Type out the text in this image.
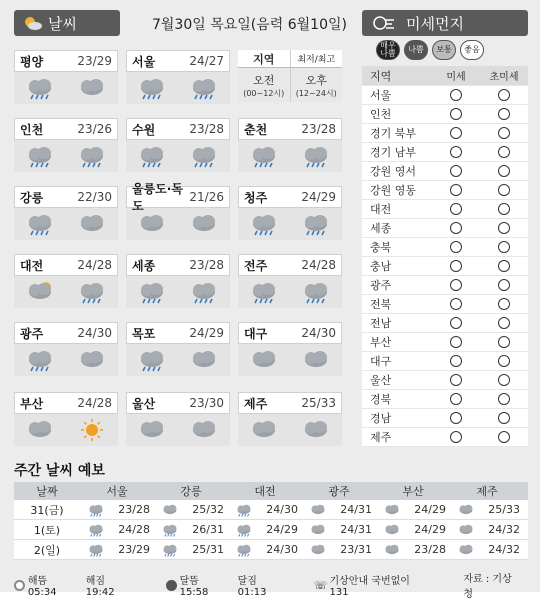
날씨	7월30일 목요일(음력 6월10일)	미세먼지
평양	23/29 서울	24/27
인천	23/26 수원	23/28 춘천	23/28
강릉	22/30
울릉도·독도
21/26 청주	24/29
대전	24/28 세종	23/28 전주	24/28
광주	24/30 목포	24/29 대구	24/30
부산	24/28 울산	23/30 제주	25/33
지역	최저/최고
오전
(00~12시)
오후
(12~24시)
매우나쁨	나쁨	보통	좋음
지역	미세	초미세
서울
인천
경기 북부
경기 남부
강원 영서
강원 영동
대전
세종
충북
충남
광주
전북
전남
부산
대구
울산
경북
경남
제주
주간 날씨 예보
날짜	서울	강릉	대전	광주	부산	제주
31(금)	23/28	25/32	24/30	24/31	24/29	25/33
1(토)	24/28	26/31	24/29	24/31	24/29	24/32
2(일)	23/29	25/31	24/30	23/31	23/28	24/32
해뜸 05:34
해짐 19:42
달뜸 15:58
달짐 01:13
☏ 기상안내 국번없이 131
자료 : 기상청
